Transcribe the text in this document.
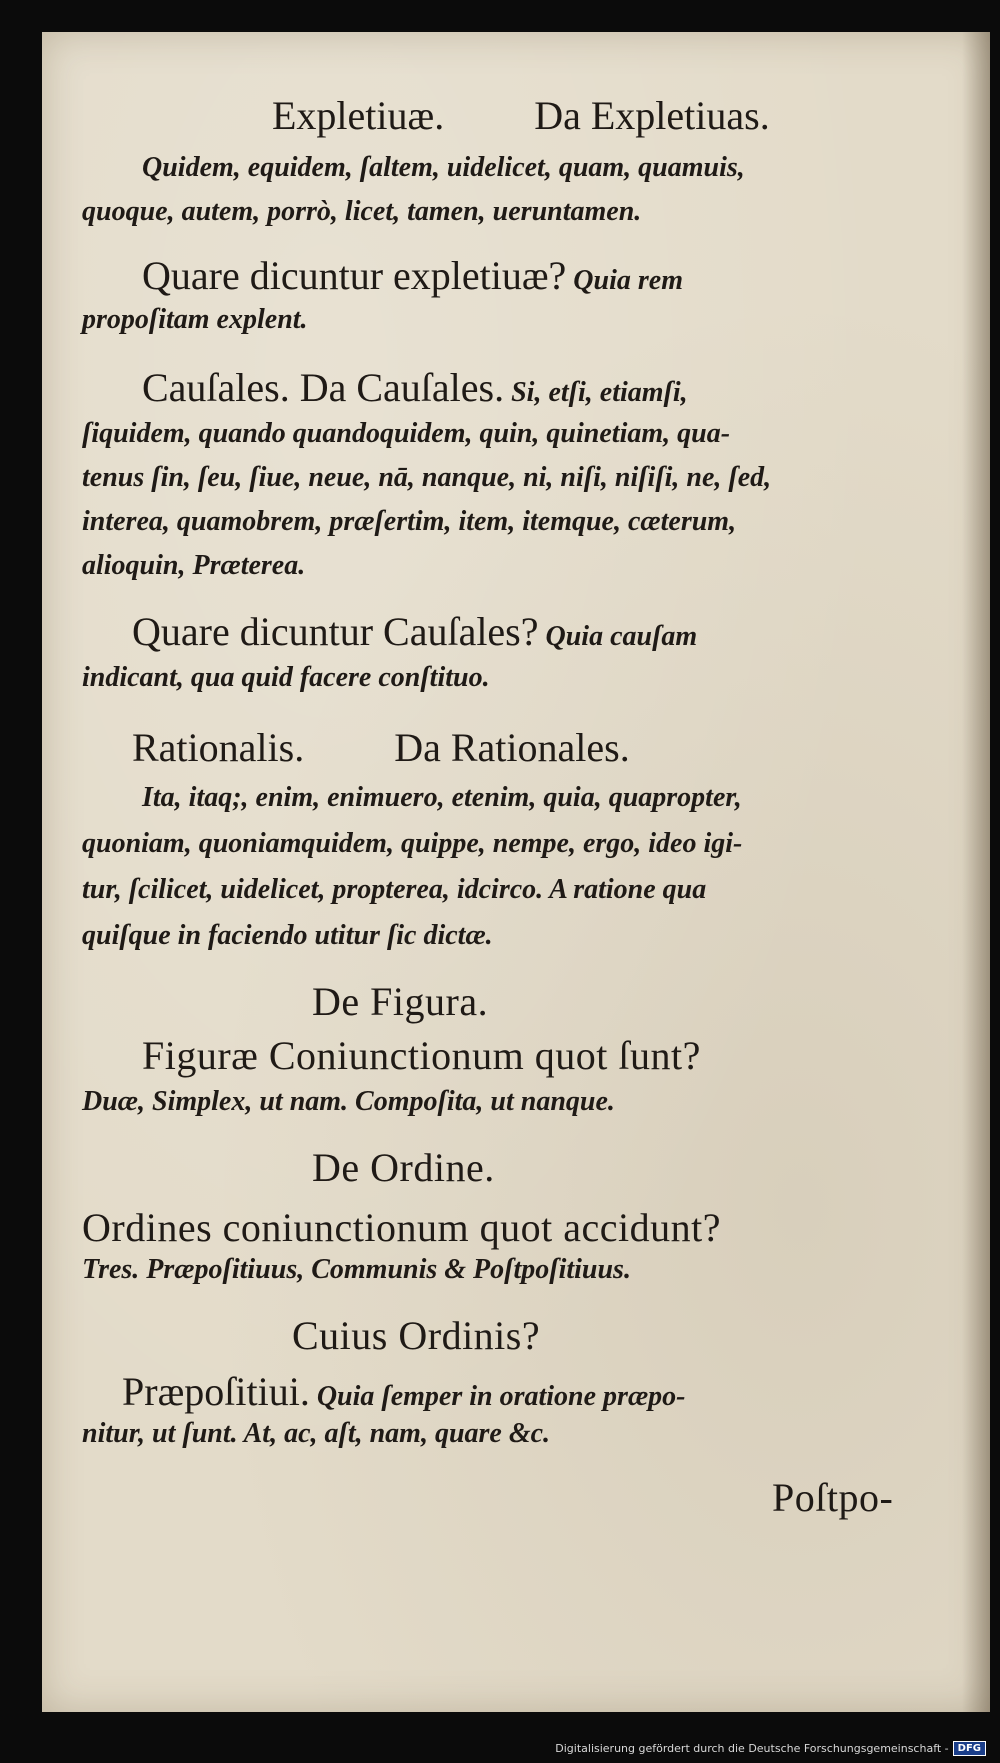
Expletiuæ. Da Expletiuas.

Quidem, equidem, ſaltem, uidelicet, quam, quamuis,

quoque, autem, porrò, licet, tamen, ueruntamen.

Quare dicuntur expletiuæ? Quia rem

propoſitam explent.

Cauſales. Da Cauſales. Si, etſi, etiamſi,

ſiquidem, quando quandoquidem, quin, quinetiam, qua-

tenus ſin, ſeu, ſiue, neue, nā, nanque, ni, niſi, niſiſi, ne, ſed,

interea, quamobrem, præſertim, item, itemque, cæterum,

alioquin, Præterea.

Quare dicuntur Cauſales? Quia cauſam

indicant, qua quid facere conſtituo.

Rationalis. Da Rationales.

Ita, itaq;, enim, enimuero, etenim, quia, quapropter,

quoniam, quoniamquidem, quippe, nempe, ergo, ideo igi-

tur, ſcilicet, uidelicet, propterea, idcirco. A ratione qua

quiſque in faciendo utitur ſic dictæ.

De Figura.

Figuræ Coniunctionum quot ſunt?

Duæ, Simplex, ut nam. Compoſita, ut nanque.

De Ordine.

Ordines coniunctionum quot accidunt?

Tres. Præpoſitiuus, Communis & Poſtpoſitiuus.

Cuius Ordinis?

Præpoſitiui. Quia ſemper in oratione præpo-

nitur, ut ſunt. At, ac, aſt, nam, quare &c.

Poſtpo-

Digitalisierung gefördert durch die Deutsche Forschungsgemeinschaft - DFG
